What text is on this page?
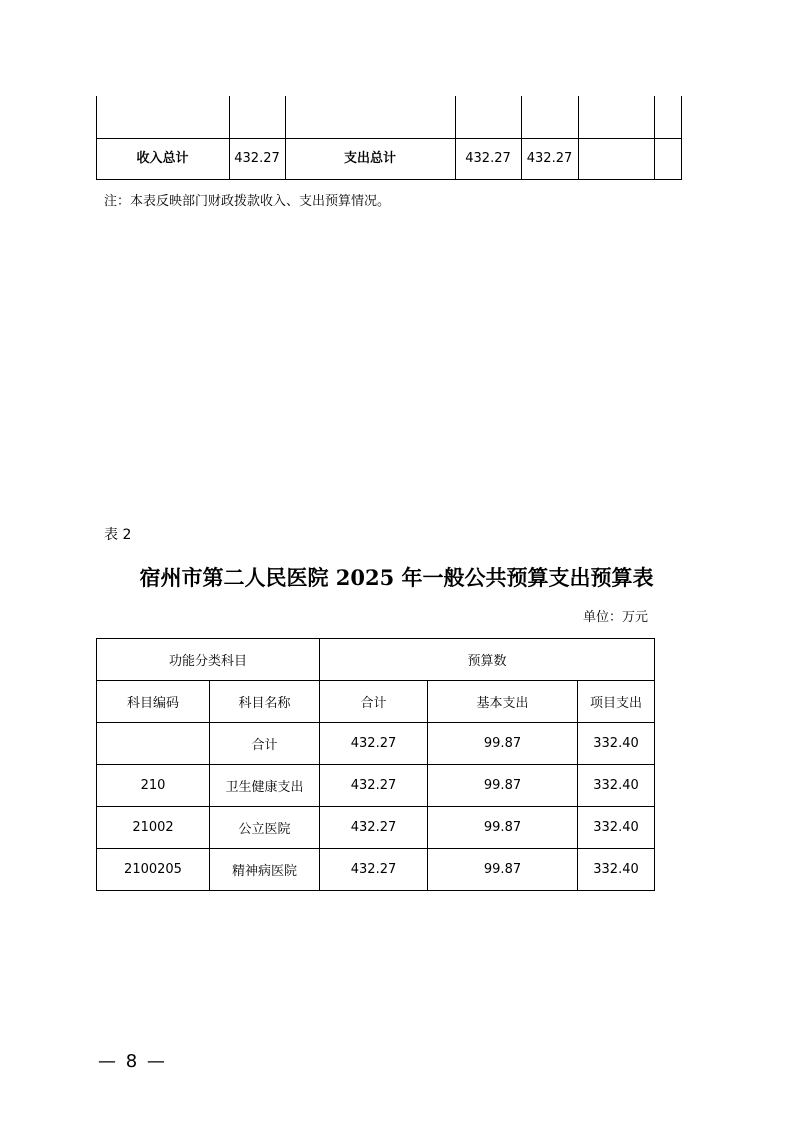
收入总计	432.27	支出总计	432.27	432.27
注：本表反映部门财政拨款收入、支出预算情况。
表 2
宿州市第二人民医院 2025 年一般公共预算支出预算表
单位：万元
功能分类科目		预算数		
科目编码	科目名称	合计	基本支出	项目支出
	合计	432.27	99.87	332.40
210	卫生健康支出	432.27	99.87	332.40
21002	公立医院	432.27	99.87	332.40
2100205	精神病医院	432.27	99.87	332.40
— 8 —
